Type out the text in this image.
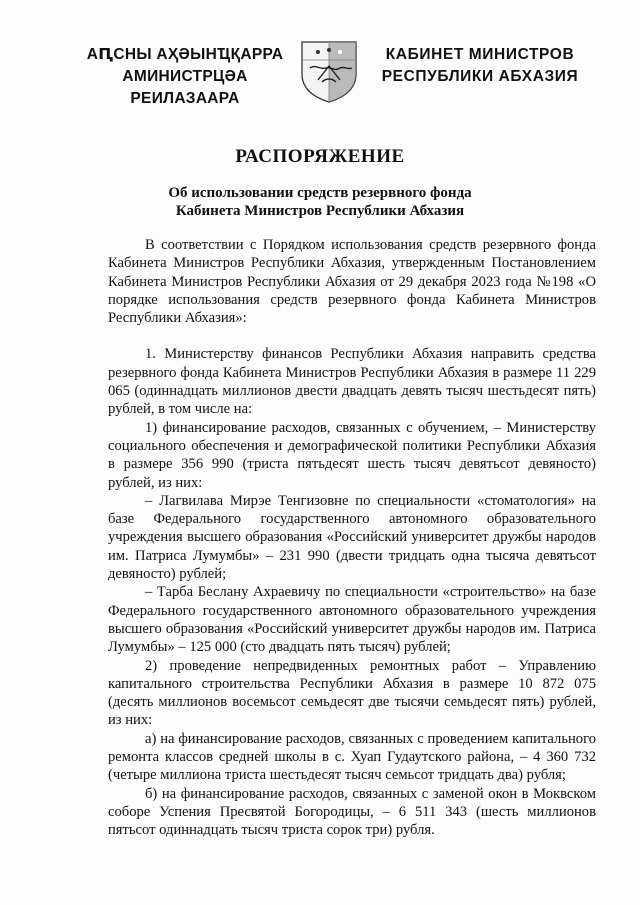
АԤСНЫ АҲӘЫНҴҚАРРА
АМИНИСТРЦӘА РЕИЛАЗААРА
КАБИНЕТ МИНИСТРОВ
РЕСПУБЛИКИ АБХАЗИЯ
РАСПОРЯЖЕНИЕ
Об использовании средств резервного фонда
Кабинета Министров Республики Абхазия

В соответствии с Порядком использования средств резервного фонда Кабинета Министров Республики Абхазия, утвержденным Постановлением Кабинета Министров Республики Абхазия от 29 декабря 2023 года №198 «О порядке использования средств резервного фонда Кабинета Министров Республики Абхазия»:

1. Министерству финансов Республики Абхазия направить средства резервного фонда Кабинета Министров Республики Абхазия в размере 11 229 065 (одиннадцать миллионов двести двадцать девять тысяч шестьдесят пять) рублей, в том числе на:

1) финансирование расходов, связанных с обучением, – Министерству социального обеспечения и демографической политики Республики Абхазия в размере 356 990 (триста пятьдесят шесть тысяч девятьсот девяносто) рублей, из них:

– Лагвилава Мирэе Тенгизовне по специальности «стоматология» на базе Федерального государственного автономного образовательного учреждения высшего образования «Российский университет дружбы народов им. Патриса Лумумбы» – 231 990 (двести тридцать одна тысяча девятьсот девяносто) рублей;

– Тарба Беслану Ахраевичу по специальности «строительство» на базе Федерального государственного автономного образовательного учреждения высшего образования «Российский университет дружбы народов им. Патриса Лумумбы» – 125 000 (сто двадцать пять тысяч) рублей;

2) проведение непредвиденных ремонтных работ – Управлению капитального строительства Республики Абхазия в размере 10 872 075 (десять миллионов восемьсот семьдесят две тысячи семьдесят пять) рублей, из них:

а) на финансирование расходов, связанных с проведением капитального ремонта классов средней школы в с. Хуап Гудаутского района, – 4 360 732 (четыре миллиона триста шестьдесят тысяч семьсот тридцать два) рубля;

б) на финансирование расходов, связанных с заменой окон в Моквском соборе Успения Пресвятой Богородицы, – 6 511 343 (шесть миллионов пятьсот одиннадцать тысяч триста сорок три) рубля.
